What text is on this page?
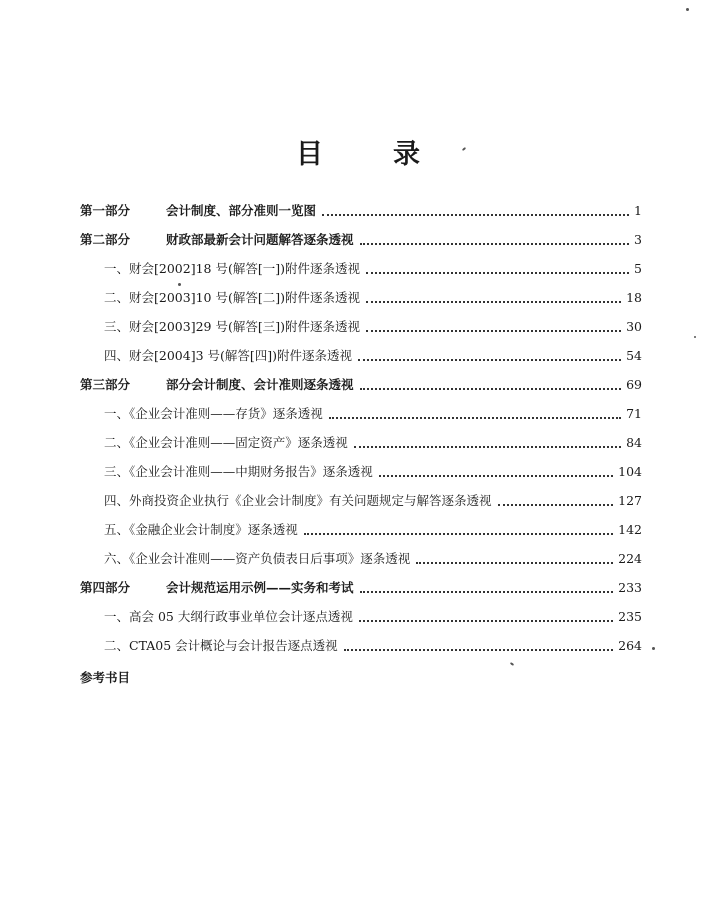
目	录
第一部分	会计制度、部分准则一览图	1
第二部分	财政部最新会计问题解答逐条透视	3
一、财会[2002]18 号(解答[一])附件逐条透视	5
二、财会[2003]10 号(解答[二])附件逐条透视	18
三、财会[2003]29 号(解答[三])附件逐条透视	30
四、财会[2004]3 号(解答[四])附件逐条透视	54
第三部分	部分会计制度、会计准则逐条透视	69
一、《企业会计准则——存货》逐条透视	71
二、《企业会计准则——固定资产》逐条透视	84
三、《企业会计准则——中期财务报告》逐条透视	104
四、外商投资企业执行《企业会计制度》有关问题规定与解答逐条透视	127
五、《金融企业会计制度》逐条透视	142
六、《企业会计准则——资产负债表日后事项》逐条透视	224
第四部分	会计规范运用示例——实务和考试	233
一、高会 05 大纲行政事业单位会计逐点透视	235
二、CTA05 会计概论与会计报告逐点透视	264
参考书目
